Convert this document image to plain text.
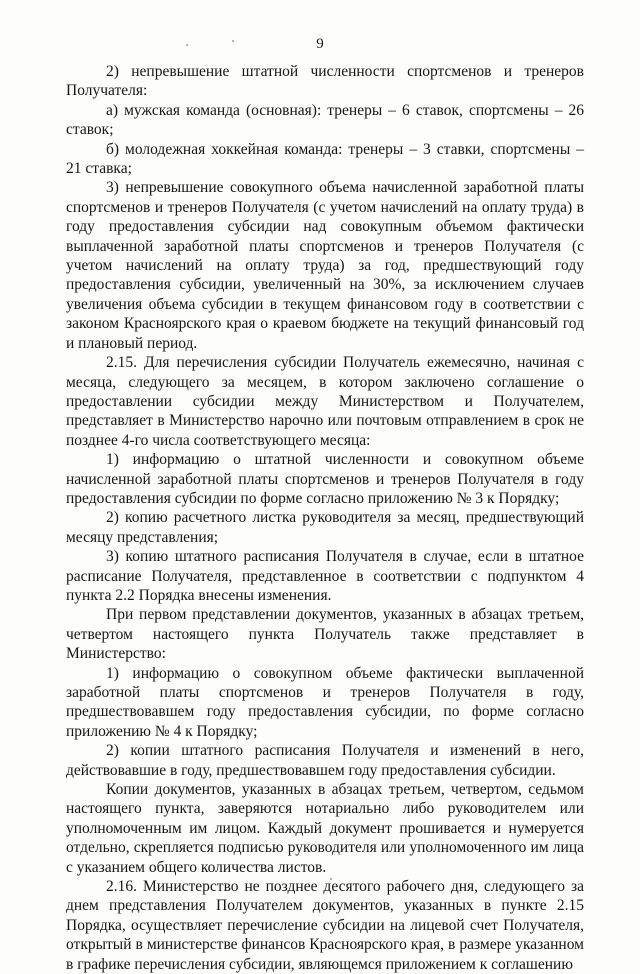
9

2) непревышение штатной численности спортсменов и тренеров Получателя:

а) мужская команда (основная): тренеры – 6 ставок, спортсмены – 26 ставок;

б) молодежная хоккейная команда: тренеры – 3 ставки, спортсмены – 21 ставка;

3) непревышение совокупного объема начисленной заработной платы спортсменов и тренеров Получателя (с учетом начислений на оплату труда) в году предоставления субсидии над совокупным объемом фактически выплаченной заработной платы спортсменов и тренеров Получателя (с учетом начислений на оплату труда) за год, предшествующий году предоставления субсидии, увеличенный на 30%, за исключением случаев увеличения объема субсидии в текущем финансовом году в соответствии с законом Красноярского края о краевом бюджете на текущий финансовый год и плановый период.

2.15. Для перечисления субсидии Получатель ежемесячно, начиная с месяца, следующего за месяцем, в котором заключено соглашение о предоставлении субсидии между Министерством и Получателем, представляет в Министерство нарочно или почтовым отправлением в срок не позднее 4-го числа соответствующего месяца:

1) информацию о штатной численности и совокупном объеме начисленной заработной платы спортсменов и тренеров Получателя в году предоставления субсидии по форме согласно приложению № 3 к Порядку;

2) копию расчетного листка руководителя за месяц, предшествующий месяцу представления;

3) копию штатного расписания Получателя в случае, если в штатное расписание Получателя, представленное в соответствии с подпунктом 4 пункта 2.2 Порядка внесены изменения.

При первом представлении документов, указанных в абзацах третьем, четвертом настоящего пункта Получатель также представляет в Министерство:

1) информацию о совокупном объеме фактически выплаченной заработной платы спортсменов и тренеров Получателя в году, предшествовавшем году предоставления субсидии, по форме согласно приложению № 4 к Порядку;

2) копии штатного расписания Получателя и изменений в него, действовавшие в году, предшествовавшем году предоставления субсидии.

Копии документов, указанных в абзацах третьем, четвертом, седьмом настоящего пункта, заверяются нотариально либо руководителем или уполномоченным им лицом. Каждый документ прошивается и нумеруется отдельно, скрепляется подписью руководителя или уполномоченного им лица с указанием общего количества листов.

2.16. Министерство не позднее десятого рабочего дня, следующего за днем представления Получателем документов, указанных в пункте 2.15 Порядка, осуществляет перечисление субсидии на лицевой счет Получателя, открытый в министерстве финансов Красноярского края, в размере указанном в графике перечисления субсидии, являющемся приложением к соглашению
